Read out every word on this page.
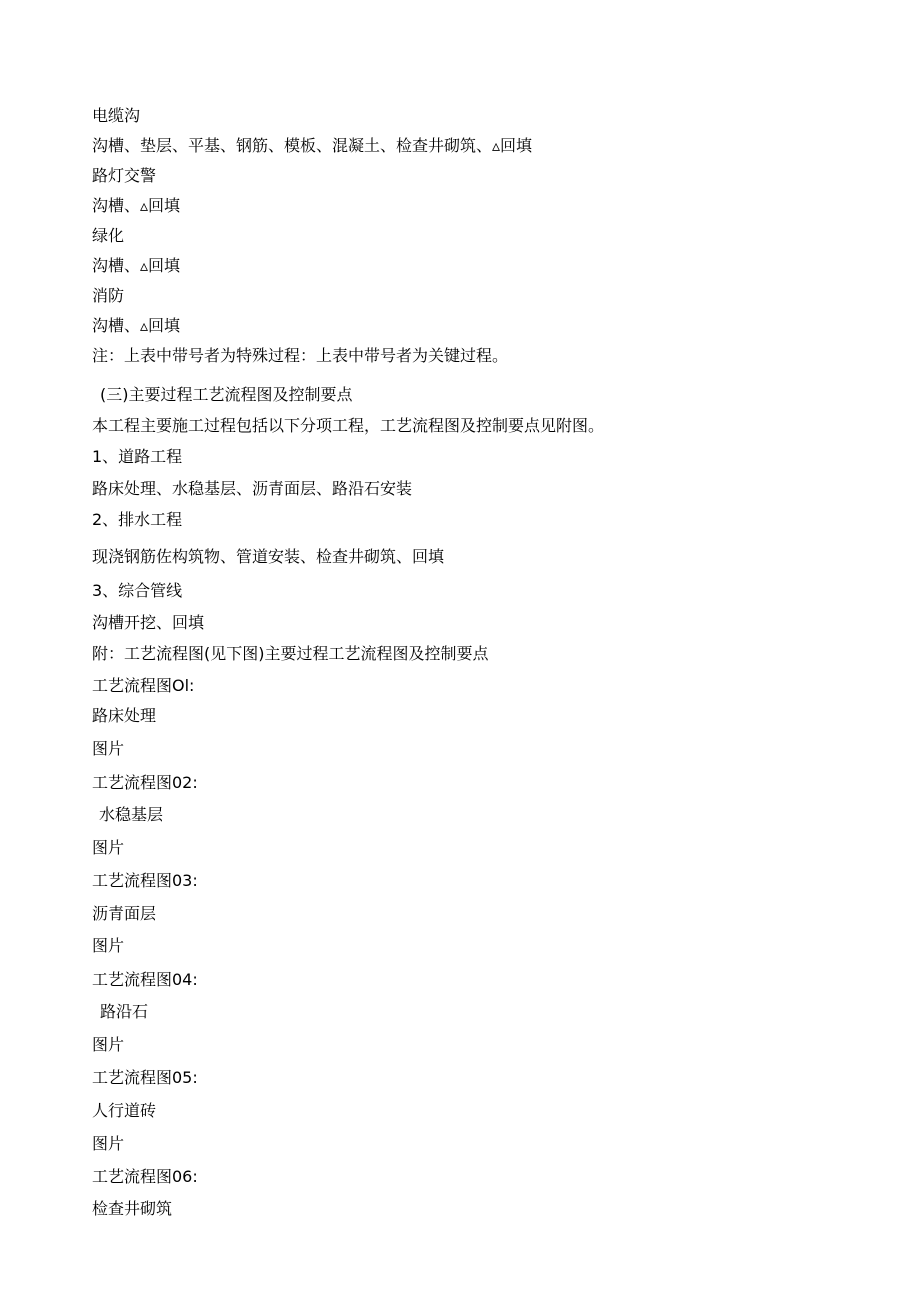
电缆沟
沟槽、垫层、平基、钢筋、模板、混凝土、检查井砌筑、▵回填
路灯交警
沟槽、▵回填
绿化
沟槽、▵回填
消防
沟槽、▵回填
注：上表中带号者为特殊过程：上表中带号者为关键过程。
(三)主要过程工艺流程图及控制要点
本工程主要施工过程包括以下分项工程，工艺流程图及控制要点见附图。
1、道路工程
路床处理、水稳基层、沥青面层、路沿石安装
2、排水工程
现浇钢筋佐构筑物、管道安装、检查井砌筑、回填
3、综合管线
沟槽开挖、回填
附：工艺流程图(见下图)主要过程工艺流程图及控制要点
工艺流程图Ol:
路床处理
图片
工艺流程图02:
水稳基层
图片
工艺流程图03:
沥青面层
图片
工艺流程图04:
路沿石
图片
工艺流程图05:
人行道砖
图片
工艺流程图06:
检查井砌筑
